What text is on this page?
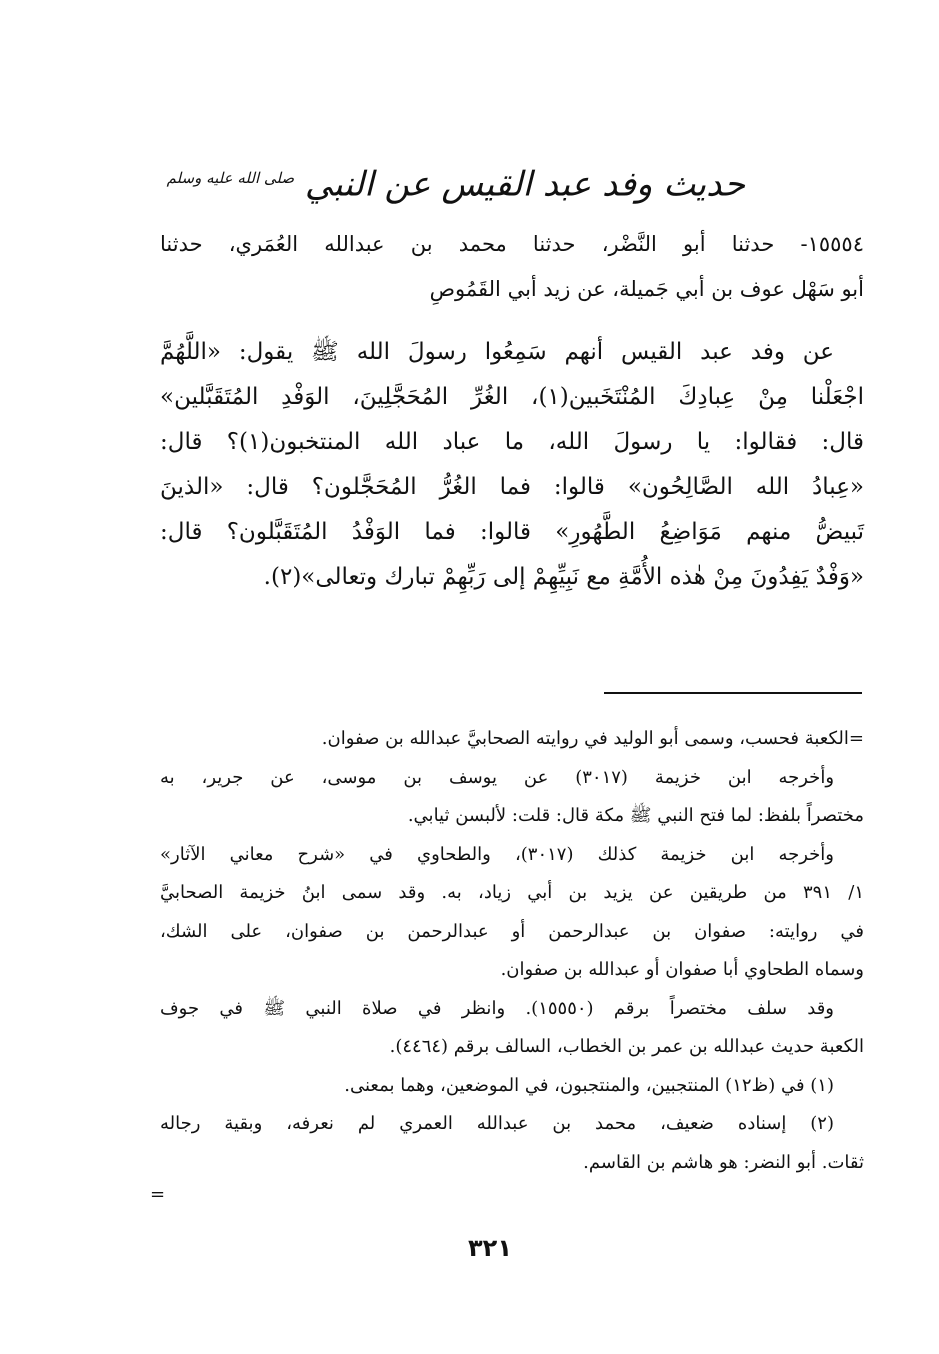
حديث وفد عبد القيس عن النبي $^{صلى الله عليه وسلم}$
١٥٥٥٤- حدثنا أبو النَّضْر، حدثنا محمد بن عبدالله العُمَري، حدثنا
أبو سَهْل عوف بن أبي جَميلة، عن زيد أبي القَمُوصِ
عن وفد عبد القيس أنهم سَمِعُوا رسولَ الله ﷺ يقول: «اللَّهُمَّ
اجْعَلْنا مِنْ عِبادِكَ المُنْتَخَبين(١)، الغُرِّ المُحَجَّلِينَ، الوَفْدِ المُتَقَبَّلين»
قال: فقالوا: يا رسولَ الله، ما عباد الله المنتخبون(١)؟ قال:
«عِبادُ الله الصَّالِحُون» قالوا: فما الغُرُّ المُحَجَّلون؟ قال: «الذينَ
تَبيضُّ منهم مَوَاضِعُ الطَّهُورِ» قالوا: فما الوَفْدُ المُتَقَبَّلون؟ قال:
«وَفْدٌ يَفِدُونَ مِنْ هٰذه الأُمَّةِ مع نَبِيِّهِمْ إلى رَبِّهِمْ تبارك وتعالى»(٢).
=الكعبة فحسب، وسمى أبو الوليد في روايته الصحابيَّ عبدالله بن صفوان.
وأخرجه ابن خزيمة (٣٠١٧) عن يوسف بن موسى، عن جرير، به
مختصراً بلفظ: لما فتح النبي ﷺ مكة قال: قلت: لألبسن ثيابي.
وأخرجه ابن خزيمة كذلك (٣٠١٧)، والطحاوي في «شرح معاني الآثار»
١/ ٣٩١ من طريقين عن يزيد بن أبي زياد، به. وقد سمى ابنُ خزيمة الصحابيَّ
في روايته: صفوان بن عبدالرحمن أو عبدالرحمن بن صفوان، على الشك،
وسماه الطحاوي أبا صفوان أو عبدالله بن صفوان.
وقد سلف مختصراً برقم (١٥٥٥٠). وانظر في صلاة النبي ﷺ في جوف
الكعبة حديث عبدالله بن عمر بن الخطاب، السالف برقم (٤٤٦٤).
(١) في (ظ١٢) المنتجبين، والمنتجبون، في الموضعين، وهما بمعنى.
(٢) إسناده ضعيف، محمد بن عبدالله العمري لم نعرفه، وبقية رجاله
ثقات. أبو النضر: هو هاشم بن القاسم.
=
٣٢١
